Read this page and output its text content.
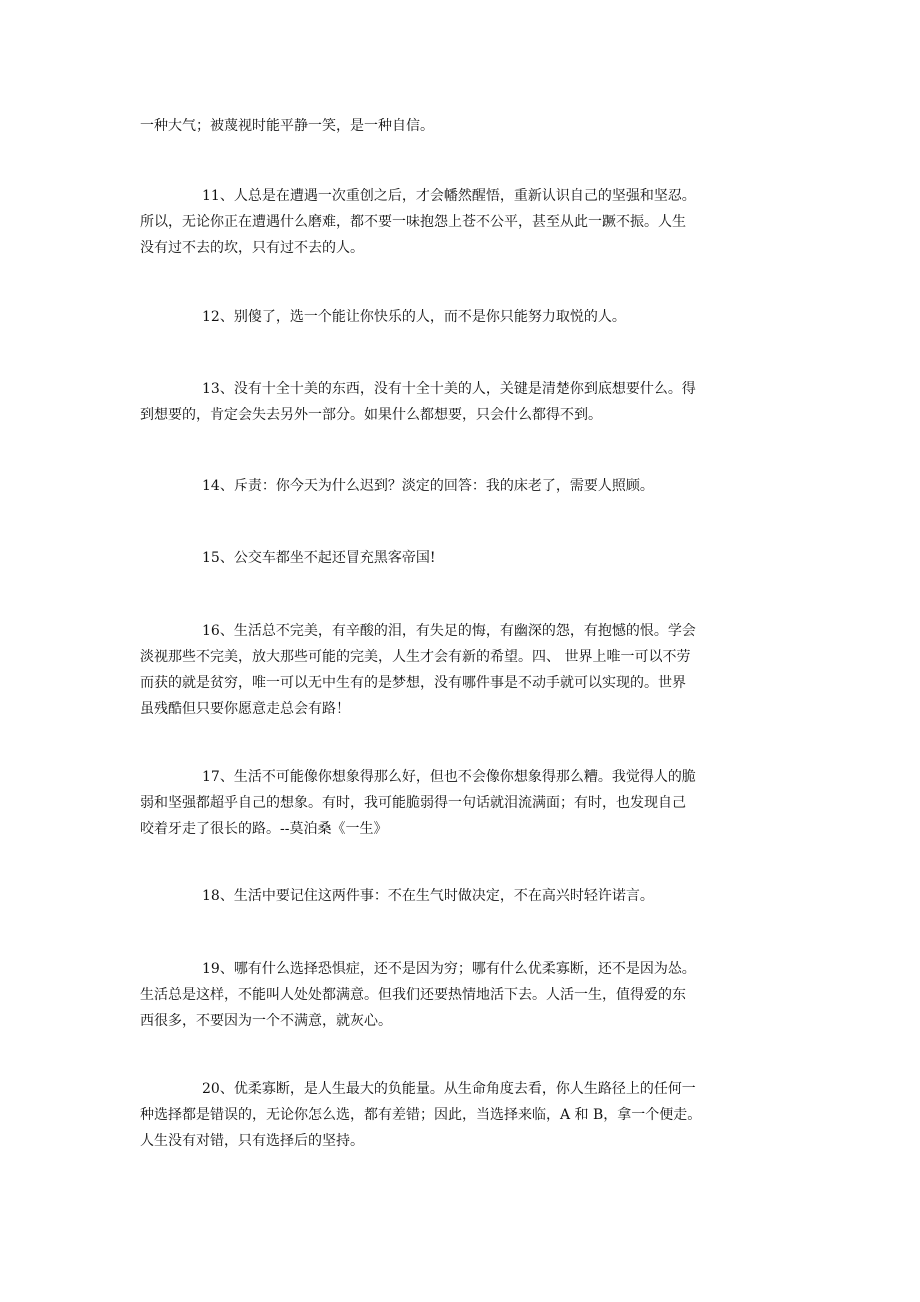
一种大气；被蔑视时能平静一笑，是一种自信。

11、人总是在遭遇一次重创之后，才会幡然醒悟，重新认识自己的坚强和坚忍。
所以，无论你正在遭遇什么磨难，都不要一味抱怨上苍不公平，甚至从此一蹶不振。人生
没有过不去的坎，只有过不去的人。

12、别傻了，选一个能让你快乐的人，而不是你只能努力取悦的人。

13、没有十全十美的东西，没有十全十美的人，关键是清楚你到底想要什么。得
到想要的，肯定会失去另外一部分。如果什么都想要，只会什么都得不到。

14、斥责：你今天为什么迟到？淡定的回答：我的床老了，需要人照顾。

15、公交车都坐不起还冒充黑客帝国!

16、生活总不完美，有辛酸的泪，有失足的悔，有幽深的怨，有抱憾的恨。学会
淡视那些不完美，放大那些可能的完美，人生才会有新的希望。四、 世界上唯一可以不劳
而获的就是贫穷，唯一可以无中生有的是梦想，没有哪件事是不动手就可以实现的。世界
虽残酷但只要你愿意走总会有路！

17、生活不可能像你想象得那么好，但也不会像你想象得那么糟。我觉得人的脆
弱和坚强都超乎自己的想象。有时，我可能脆弱得一句话就泪流满面；有时，也发现自己
咬着牙走了很长的路。--莫泊桑《一生》

18、生活中要记住这两件事：不在生气时做决定，不在高兴时轻许诺言。

19、哪有什么选择恐惧症，还不是因为穷；哪有什么优柔寡断，还不是因为怂。
生活总是这样，不能叫人处处都满意。但我们还要热情地活下去。人活一生，值得爱的东
西很多，不要因为一个不满意，就灰心。

20、优柔寡断，是人生最大的负能量。从生命角度去看，你人生路径上的任何一
种选择都是错误的，无论你怎么选，都有差错；因此，当选择来临，A 和 B，拿一个便走。
人生没有对错，只有选择后的坚持。
